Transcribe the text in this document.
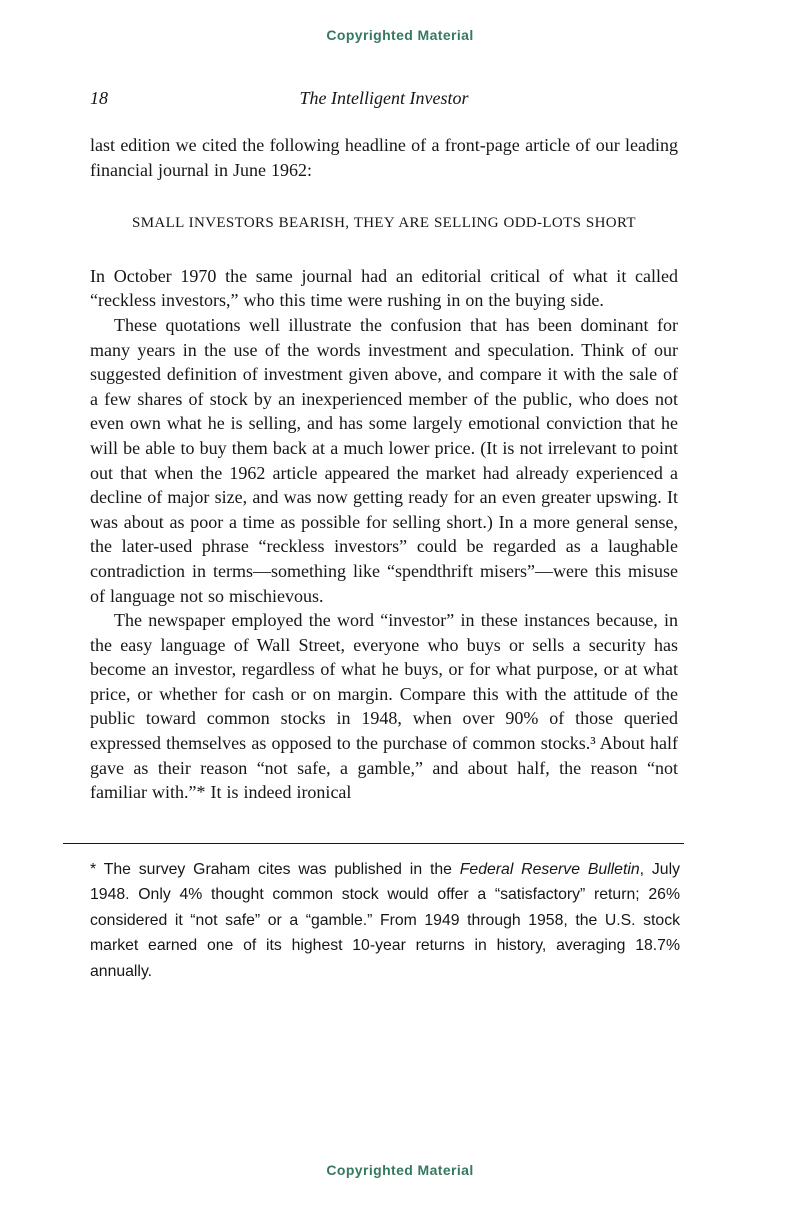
Copyrighted Material
18	The Intelligent Investor

last edition we cited the following headline of a front-page article of our leading financial journal in June 1962:

SMALL INVESTORS BEARISH, THEY ARE SELLING ODD-LOTS SHORT

In October 1970 the same journal had an editorial critical of what it called “reckless investors,” who this time were rushing in on the buying side.

These quotations well illustrate the confusion that has been dominant for many years in the use of the words investment and speculation. Think of our suggested definition of investment given above, and compare it with the sale of a few shares of stock by an inexperienced member of the public, who does not even own what he is selling, and has some largely emotional conviction that he will be able to buy them back at a much lower price. (It is not irrelevant to point out that when the 1962 article appeared the market had already experienced a decline of major size, and was now getting ready for an even greater upswing. It was about as poor a time as possible for selling short.) In a more general sense, the later-used phrase “reckless investors” could be regarded as a laughable contradiction in terms—something like “spendthrift misers”—were this misuse of language not so mischievous.

The newspaper employed the word “investor” in these instances because, in the easy language of Wall Street, everyone who buys or sells a security has become an investor, regardless of what he buys, or for what purpose, or at what price, or whether for cash or on margin. Compare this with the attitude of the public toward common stocks in 1948, when over 90% of those queried expressed themselves as opposed to the purchase of common stocks.³ About half gave as their reason “not safe, a gamble,” and about half, the reason “not familiar with.”* It is indeed ironical

* The survey Graham cites was published in the Federal Reserve Bulletin, July 1948. Only 4% thought common stock would offer a “satisfactory” return; 26% considered it “not safe” or a “gamble.” From 1949 through 1958, the U.S. stock market earned one of its highest 10-year returns in history, averaging 18.7% annually.
Copyrighted Material
